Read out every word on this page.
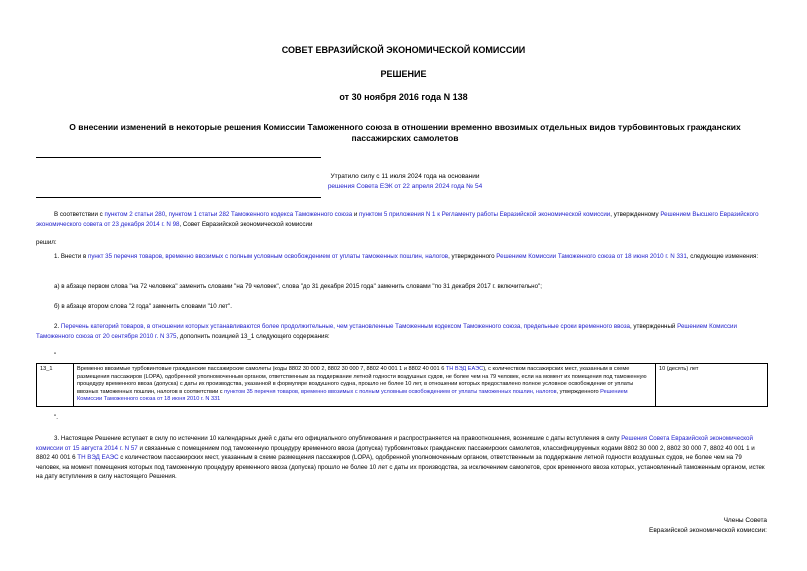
СОВЕТ ЕВРАЗИЙСКОЙ ЭКОНОМИЧЕСКОЙ КОМИССИИ
РЕШЕНИЕ
от 30 ноября 2016 года N 138
О внесении изменений в некоторые решения Комиссии Таможенного союза в отношении временно ввозимых отдельных видов турбовинтовых гражданских пассажирских самолетов
Утратило силу с 11 июля 2024 года на основании
решения Совета ЕЭК от 22 апреля 2024 года № 54
В соответствии с пунктом 2 статьи 280, пунктом 1 статьи 282 Таможенного кодекса Таможенного союза и пунктом 5 приложения N 1 к Регламенту работы Евразийской экономической комиссии, утвержденному Решением Высшего Евразийского экономического совета от 23 декабря 2014 г. N 98, Совет Евразийской экономической комиссии
решил:
1. Внести в пункт 35 перечня товаров, временно ввозимых с полным условным освобождением от уплаты таможенных пошлин, налогов, утвержденного Решением Комиссии Таможенного союза от 18 июня 2010 г. N 331, следующие изменения:
а) в абзаце первом слова "на 72 человека" заменить словами "на 79 человек", слова "до 31 декабря 2015 года" заменить словами "по 31 декабря 2017 г. включительно";
б) в абзаце втором слова "2 года" заменить словами "10 лет".
2. Перечень категорий товаров, в отношении которых устанавливаются более продолжительные, чем установленные Таможенным кодексом Таможенного союза, предельные сроки временного ввоза, утвержденный Решением Комиссии Таможенного союза от 20 сентября 2010 г. N 375, дополнить позицией 13_1 следующего содержания:
"
13_1	Временно ввозимые турбовинтовые гражданские пассажирские самолеты (коды 8802 30 000 2, 8802 30 000 7, 8802 40 001 1 и 8802 40 001 6 ТН ВЭД ЕАЭС), с количеством пассажирских мест, указанным в схеме размещения пассажиров (LOPA), одобренной уполномоченным органом, ответственным за поддержание летной годности воздушных судов, не более чем на 79 человек, если на момент их помещения под таможенную процедуру временного ввоза (допуска) с даты их производства, указанной в формуляре воздушного судна, прошло не более 10 лет, в отношении которых предоставлено полное условное освобождение от уплаты ввозных таможенных пошлин, налогов в соответствии с пунктом 35 перечня товаров, временно ввозимых с полным условным освобождением от уплаты таможенных пошлин, налогов, утвержденного Решением Комиссии Таможенного союза от 18 июня 2010 г. N 331	10 (десять) лет
".
3. Настоящее Решение вступает в силу по истечении 10 календарных дней с даты его официального опубликования и распространяется на правоотношения, возникшие с даты вступления в силу Решения Совета Евразийской экономической комиссии от 15 августа 2014 г. N 57 и связанные с помещением под таможенную процедуру временного ввоза (допуска) турбовинтовых гражданских пассажирских самолетов, классифицируемых кодами 8802 30 000 2, 8802 30 000 7, 8802 40 001 1 и 8802 40 001 6 ТН ВЭД ЕАЭС с количеством пассажирских мест, указанным в схеме размещения пассажиров (LOPA), одобренной уполномоченным органом, ответственным за поддержание летной годности воздушных судов, не более чем на 79 человек, на момент помещения которых под таможенную процедуру временного ввоза (допуска) прошло не более 10 лет с даты их производства, за исключением самолетов, срок временного ввоза которых, установленный таможенным органом, истек на дату вступления в силу настоящего Решения.
Члены Совета
Евразийской экономической комиссии:
